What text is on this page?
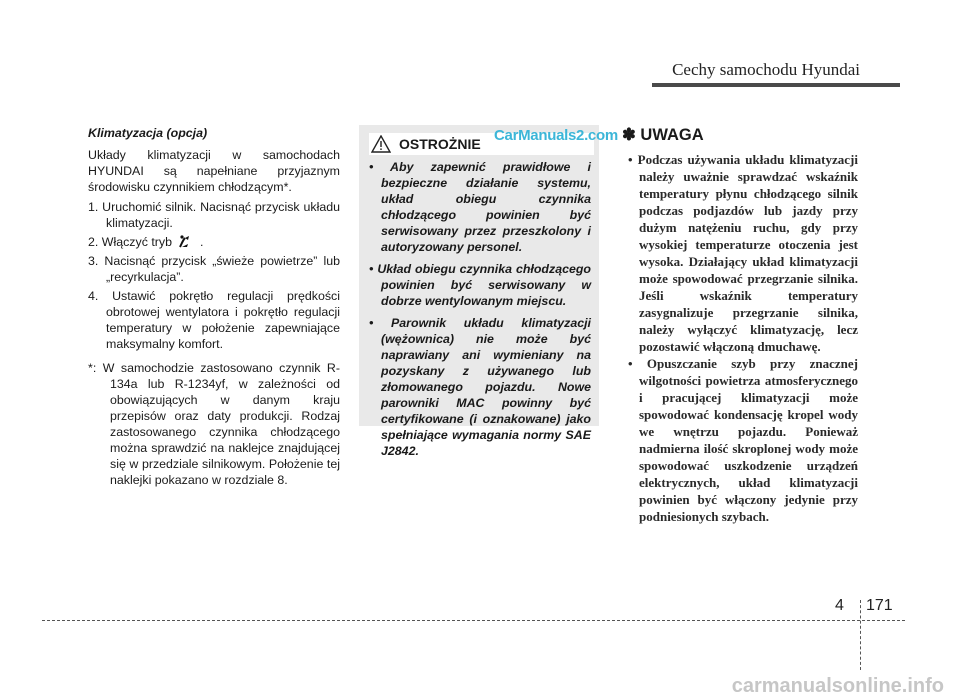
Cechy samochodu Hyundai

Klimatyzacja (opcja)

Układy klimatyzacji w samochodach HYUNDAI są napełniane przyjaznym środowisku czynnikiem chłodzącym*.

1. Uruchomić silnik. Nacisnąć przycisk układu klimatyzacji.
2. Włączyć tryb .
3. Nacisnąć przycisk „świeże powietrze” lub „recyrkulacja”.
4. Ustawić pokrętło regulacji prędkości obrotowej wentylatora i pokrętło regulacji temperatury w położenie zapewniające maksymalny komfort.

*: W samochodzie zastosowano czynnik R-134a lub R-1234yf, w zależności od obowiązujących w danym kraju przepisów oraz daty produkcji. Rodzaj zastosowanego czynnika chłodzącego można sprawdzić na naklejce znajdującej się w przedziale silnikowym. Położenie tej naklejki pokazano w rozdziale 8.

OSTROŻNIE CarManuals2.com
• Aby zapewnić prawidłowe i bezpieczne działanie systemu, układ obiegu czynnika chłodzącego powinien być serwisowany przez przeszkolony i autoryzowany personel.
• Układ obiegu czynnika chłodzącego powinien być serwisowany w dobrze wentylowanym miejscu.
• Parownik układu klimatyzacji (wężownica) nie może być naprawiany ani wymieniany na pozyskany z używanego lub złomowanego pojazdu. Nowe parowniki MAC powinny być certyfikowane (i oznakowane) jako spełniające wymagania normy SAE J2842.
✽ UWAGA
• Podczas używania układu klimatyzacji należy uważnie sprawdzać wskaźnik temperatury płynu chłodzącego silnik podczas podjazdów lub jazdy przy dużym natężeniu ruchu, gdy przy wysokiej temperaturze otoczenia jest wysoka. Działający układ klimatyzacji może spowodować przegrzanie silnika. Jeśli wskaźnik temperatury zasygnalizuje przegrzanie silnika, należy wyłączyć klimatyzację, lecz pozostawić włączoną dmuchawę.
• Opuszczanie szyb przy znacznej wilgotności powietrza atmosferycznego i pracującej klimatyzacji może spowodować kondensację kropel wody we wnętrzu pojazdu. Ponieważ nadmierna ilość skroplonej wody może spowodować uszkodzenie urządzeń elektrycznych, układ klimatyzacji powinien być włączony jedynie przy podniesionych szybach.
4 171
carmanualsonline.info
